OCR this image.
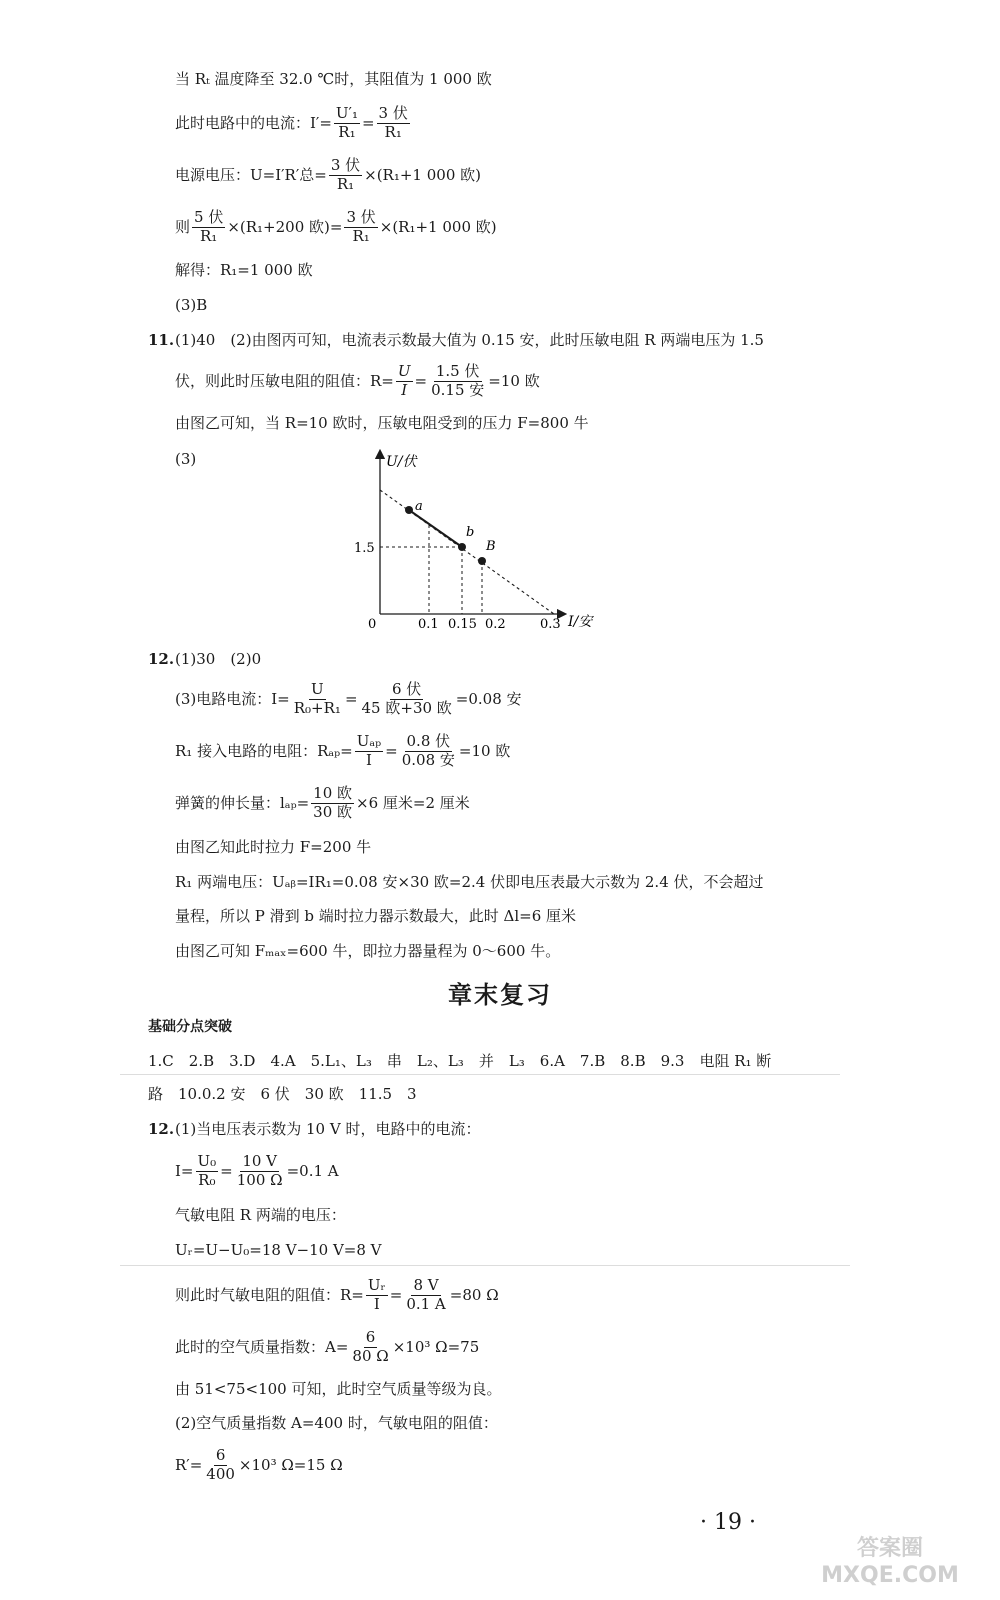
当 Rₜ 温度降至 32.0 ℃时，其阻值为 1 000 欧
此时电路中的电流：$I'= \frac{\text{U′₁}}{\text{R₁}}$ =
3 伏
R₁
电源电压：U=I′R′总=
3 伏
R₁ ×(R₁+1 000 欧)
则
5 伏
R₁ ×(R₁+200 欧)=
3 伏
R₁ ×(R₁+1 000 欧)
解得：R₁=1 000 欧
(3)B
11. (1)40　(2)由图丙可知，电流表示数最大值为 0.15 安，此时压敏电阻 R 两端电压为 1.5
伏，则此时压敏电阻的阻值：$R= \frac{U}{I}$ =
1.5 伏
0.15 安 =10 欧
由图乙可知，当 R=10 欧时，压敏电阻受到的压力 F=800 牛
(3)	U/伏
I/安
0
1.5
0.1 0.15 0.2	0.3
a
b
B
12. (1)30　(2)0
(3)电路电流：$I= \frac{U}{\text{R₀+R₁}}$ =
6 伏
45 欧+30 欧 =0.08 安
R₁ 接入电路的电阻：Rₐₚ=
Uₐₚ
I =
0.8 伏
0.08 安 =10 欧
弹簧的伸长量：lₐₚ=
10 欧
30 欧 ×6 厘米=2 厘米
由图乙知此时拉力 F=200 牛
R₁ 两端电压：Uₐᵦ=IR₁=0.08 安×30 欧=2.4 伏即电压表最大示数为 2.4 伏，不会超过
量程，所以 P 滑到 b 端时拉力器示数最大，此时 Δl=6 厘米
由图乙可知 Fₘₐₓ=600 牛，即拉力器量程为 0～600 牛。
章末复习
基础分点突破
1.C　2.B　3.D　4.A　5.L₁、L₃　串　L₂、L₃　并　L₃　6.A　7.B　8.B　9.3　电阻 R₁ 断
路　10.0.2 安　6 伏　30 欧　11.5　3
12. (1)当电压表示数为 10 V 时，电路中的电流：
$I= \frac{\text{U₀}}{\text{R₀}} = \frac{10 V}{100 \Omega} =0.1$ A
气敏电阻 R 两端的电压：
Uᵣ=U−U₀=18 V−10 V=8 V
则此时气敏电阻的阻值：$R= \frac{\text{Uᵣ}}{I} = \frac{8 V}{0.1 A} =80$ Ω
此时的空气质量指数：$A= \frac{6}{80 \Omega} \times 10^3$ Ω=75
由 51<75<100 可知，此时空气质量等级为良。
(2)空气质量指数 A=400 时，气敏电阻的阻值：
$R'= \frac{6}{400} \times 10^3$ Ω=15 Ω
· 19 ·
答案圈 MXQE.COM
